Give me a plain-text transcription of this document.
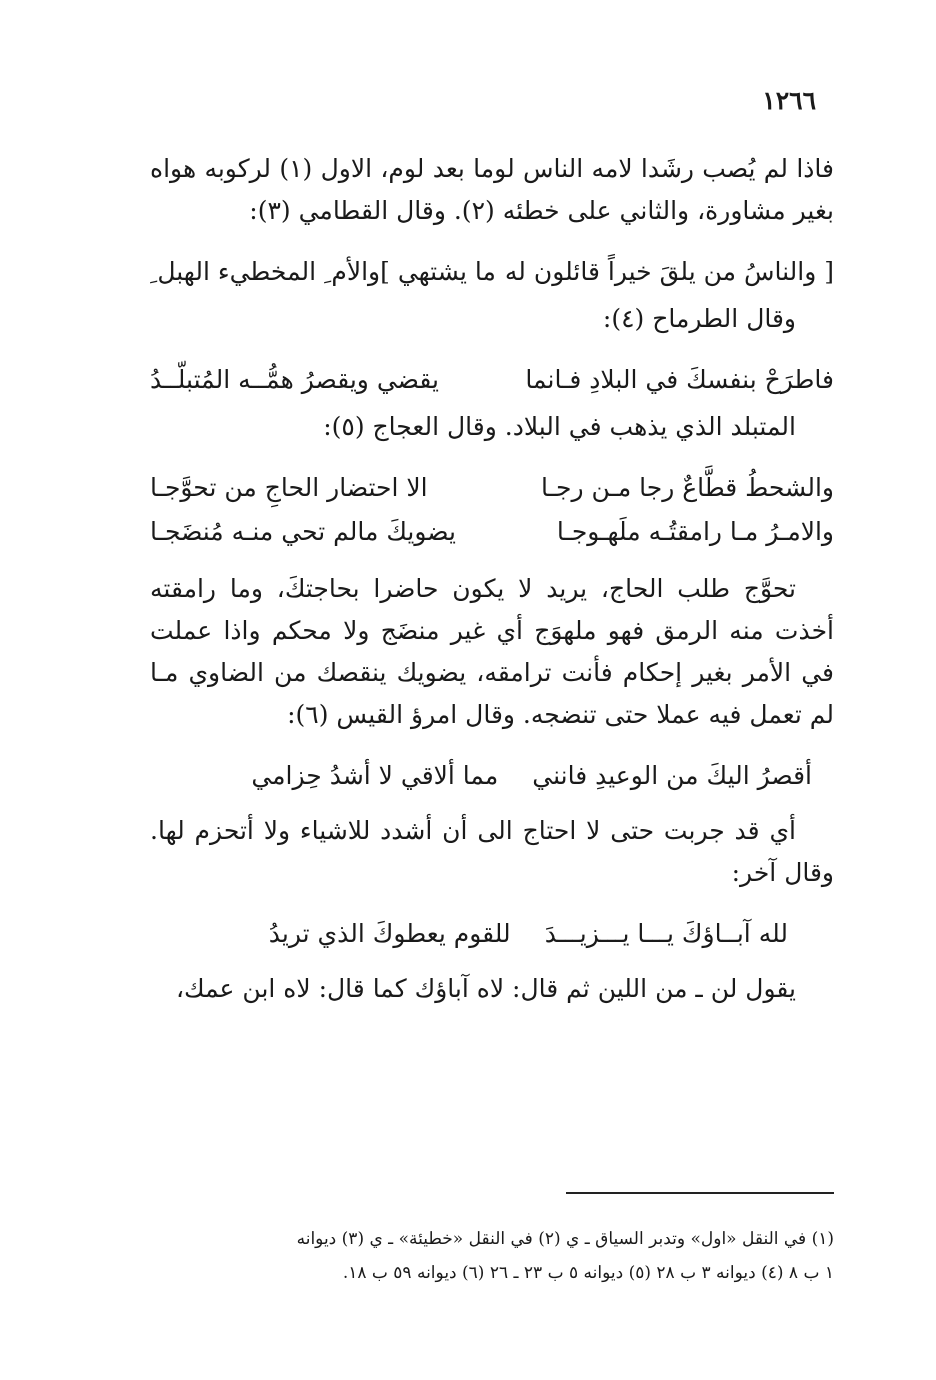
١٢٦٦

فاذا لم يُصب رشَدا لامه الناس لوما بعد لوم، الاول (١) لركوبه هواه بغير مشاورة، والثاني على خطئه (٢). وقال القطامي (٣):

[ والناسُ من يلقَ خيراً قائلون له
ما يشتهي ]والأم ِ المخطيء الهبل ِ

وقال الطرماح (٤):

فاطرَحْ بنفسكَ في البلادِ فـانما
يقضي ويقصرُ همُّــه المُتبلّــدُ

المتبلد الذي يذهب في البلاد. وقال العجاج (٥):

والشحطُ قطَّاعٌ رجا مـن رجـا
الا احتضار الحاجِ من تحوَّجـا
والامـرُ مـا رامقتُـه ملَهـوجـا
يضويكَ مالم تحي منـه مُنضَجـا

تحوَّج طلب الحاج، يريد لا يكون حاضرا بحاجتكَ، وما رامقته أخذت منه الرمق فهو ملهوَج أي غير منضَج ولا محكم واذا عملت في الأمر بغير إحكام فأنت ترامقه، يضويك ينقصك من الضاوي مـا لم تعمل فيه عملا حتى تنضجه. وقال امرؤ القيس (٦):

أقصرُ اليكَ من الوعيدِ فانني
مما ألاقي لا أشدُ حِزامي

أي قد جربت حتى لا احتاج الى أن أشدد للاشياء ولا أتحزم لها. وقال آخر:

لله آبــاؤكَ يـــا يـــزيـــدَ
للقوم يعطوكَ الذي تريدُ

يقول لن ـ من اللين ثم قال: لاه آباؤك كما قال: لاه ابن عمك،

(١) في النقل «اول» وتدبر السياق ـ ي (٢) في النقل «خطيئة» ـ ي (٣) ديوانه

١ ب ٨ (٤) ديوانه ٣ ب ٢٨ (٥) ديوانه ٥ ب ٢٣ ـ ٢٦ (٦) ديوانه ٥٩ ب ١٨.
